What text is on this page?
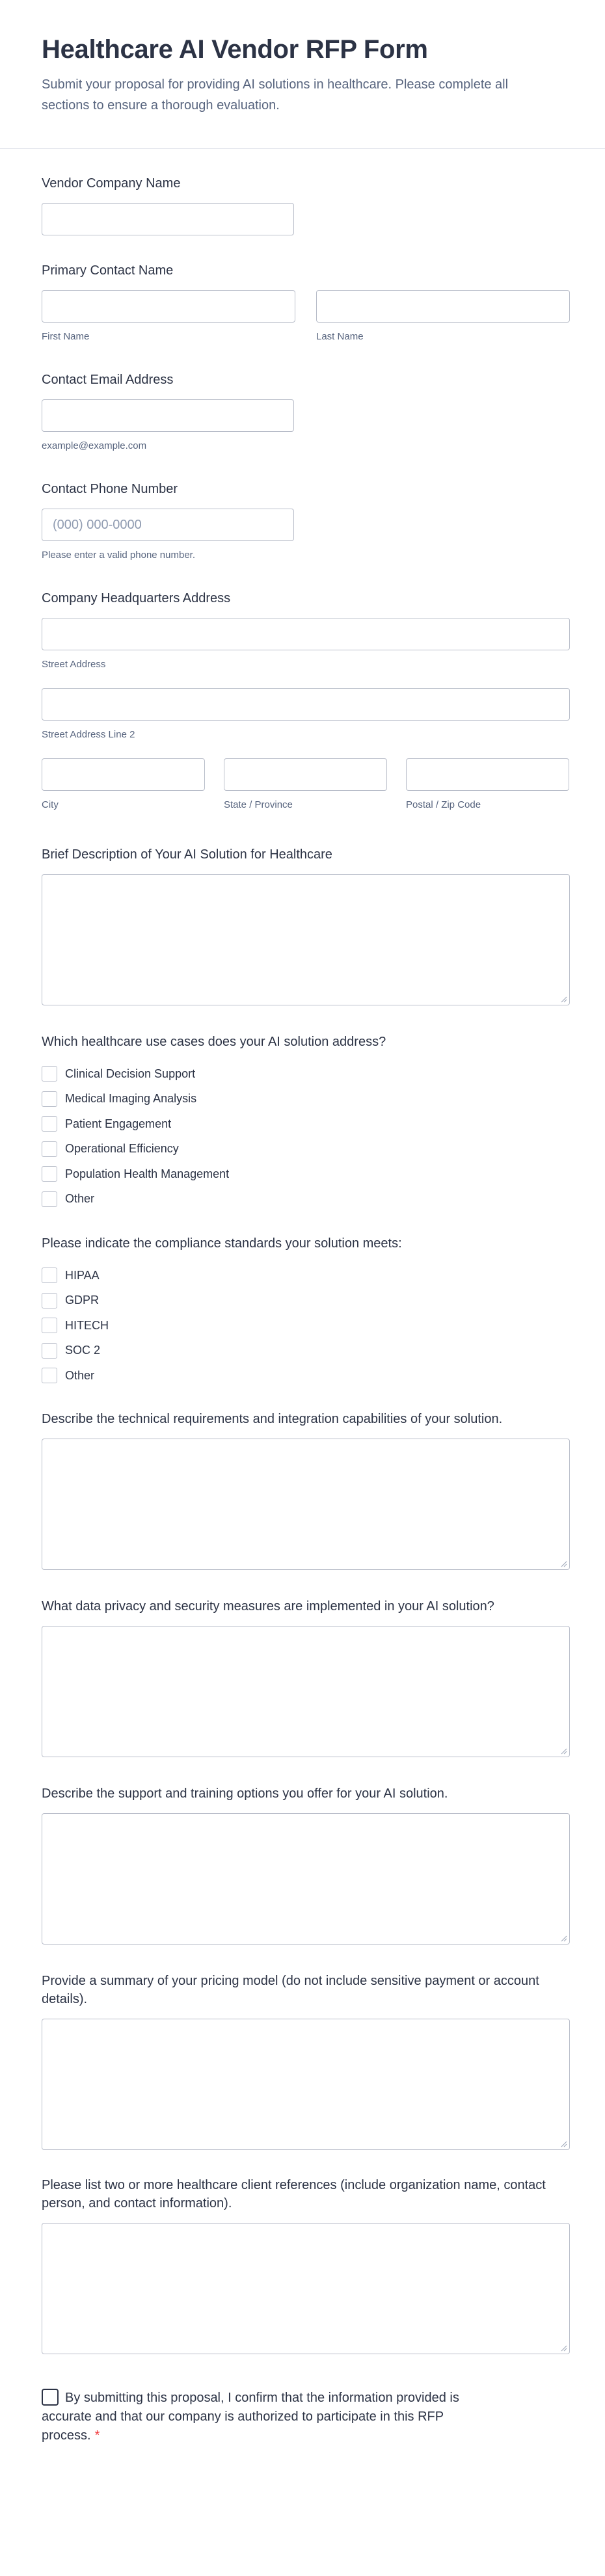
Healthcare AI Vendor RFP Form

Submit your proposal for providing AI solutions in healthcare. Please complete all sections to ensure a thorough evaluation.

Vendor Company Name
Primary Contact Name
First Name	Last Name
Contact Email Address
example@example.com
Contact Phone Number
(000) 000-0000
Please enter a valid phone number.
Company Headquarters Address
Street Address
Street Address Line 2
City	State / Province	Postal / Zip Code
Brief Description of Your AI Solution for Healthcare
Which healthcare use cases does your AI solution address?
Clinical Decision Support
Medical Imaging Analysis
Patient Engagement
Operational Efficiency
Population Health Management
Other
Please indicate the compliance standards your solution meets:
HIPAA
GDPR
HITECH
SOC 2
Other
Describe the technical requirements and integration capabilities of your solution.
What data privacy and security measures are implemented in your AI solution?
Describe the support and training options you offer for your AI solution.
Provide a summary of your pricing model (do not include sensitive payment or account details).
Please list two or more healthcare client references (include organization name, contact person, and contact information).
By submitting this proposal, I confirm that the information provided is accurate and that our company is authorized to participate in this RFP process. *
